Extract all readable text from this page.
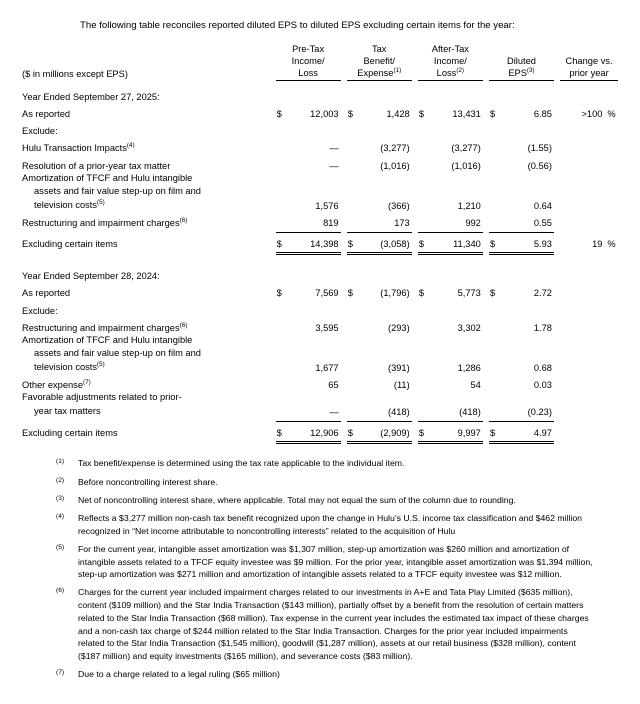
The following table reconciles reported diluted EPS to diluted EPS excluding certain items for the year:

($ in millions except EPS)	Pre-Tax
Income/
Loss			Tax
Benefit/
Expense$^{(1)}$			After-Tax
Income/
Loss$^{(2)}$			Diluted
EPS$^{(3)}$			Change vs.
prior year	

Year Ended September 27, 2025:														
As reported	$	12,003		$	1,428		$	13,431		$	6.85		>100	%
Exclude:														
Hulu Transaction Impacts$^{(4)}$		—			(3,277)			(3,277)			(1.55)			
Resolution of a prior-year tax matter		—			(1,016)			(1,016)			(0.56)			
Amortization of TFCF and Hulu intangible

assets and fair value step-up on film and
television costs$^{(5)}$		1,576			(366)			1,210			0.64			
Restructuring and impairment charges$^{(6)}$		819			173			992			0.55			

Excluding certain items	$	14,398		$	(3,058)		$	11,340		$	5.93		19	%

Year Ended September 28, 2024:														
As reported	$	7,569		$	(1,796)		$	5,773		$	2.72			
Exclude:														
Restructuring and impairment charges$^{(6)}$		3,595			(293)			3,302			1.78			
Amortization of TFCF and Hulu intangible

assets and fair value step-up on film and
television costs$^{(5)}$		1,677			(391)			1,286			0.68			
Other expense$^{(7)}$		65			(11)			54			0.03			
Favorable adjustments related to prior-

year tax matters		—			(418)			(418)			(0.23)			

Excluding certain items	$	12,906		$	(2,909)		$	9,997		$	4.97			

(1) Tax benefit/expense is determined using the tax rate applicable to the individual item.
(2) Before noncontrolling interest share.
(3) Net of noncontrolling interest share, where applicable. Total may not equal the sum of the column due to rounding.
(4) Reflects a $3,277 million non-cash tax benefit recognized upon the change in Hulu’s U.S. income tax classification and $462 million recognized in “Net income attributable to noncontrolling interests” related to the acquisition of Hulu
(5) For the current year, intangible asset amortization was $1,307 million, step-up amortization was $260 million and amortization of intangible assets related to a TFCF equity investee was $9 million. For the prior year, intangible asset amortization was $1,394 million, step-up amortization was $271 million and amortization of intangible assets related to a TFCF equity investee was $12 million.
(6) Charges for the current year included impairment charges related to our investments in A+E and Tata Play Limited ($635 million), content ($109 million) and the Star India Transaction ($143 million), partially offset by a benefit from the resolution of certain matters related to the Star India Transaction ($68 million). Tax expense in the current year includes the estimated tax impact of these charges and a non-cash tax charge of $244 million related to the Star India Transaction. Charges for the prior year included impairments related to the Star India Transaction ($1,545 million), goodwill ($1,287 million), assets at our retail business ($328 million), content ($187 million) and equity investments ($165 million), and severance costs ($83 million).
(7) Due to a charge related to a legal ruling ($65 million)
